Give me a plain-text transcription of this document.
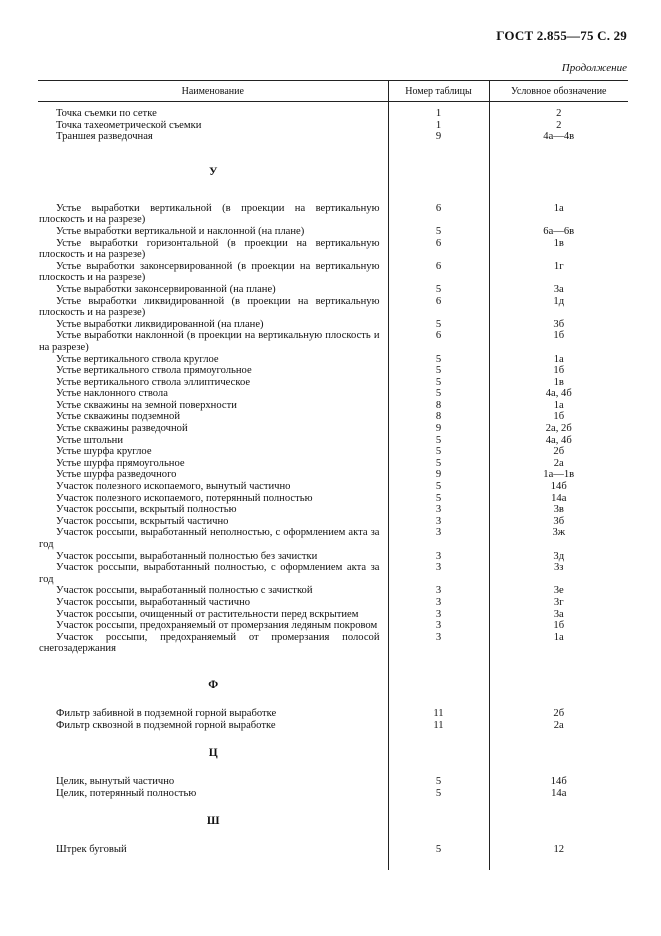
ГОСТ 2.855—75 С. 29
Продолжение
Наименование	Номер таблицы	Условное обозначение

Точка съемки по сетке	1	2

Точка тахеометрической съемки	1	2

Траншея разведочная	9	4а—4в
У		

Устье выработки вертикальной (в проекции на вертикальную плоскость и на разрезе)	6	1а

Устье выработки вертикальной и наклонной (на плане)	5	6а—6в

Устье выработки горизонтальной (в проекции на вертикальную плоскость и на разрезе)	6	1в

Устье выработки законсервированной (в проекции на вертикальную плоскость и на разрезе)	6	1г

Устье выработки законсервированной (на плане)	5	3а

Устье выработки ликвидированной (в проекции на вертикальную плоскость и на разрезе)	6	1д

Устье выработки ликвидированной (на плане)	5	3б

Устье выработки наклонной (в проекции на вертикальную плоскость и на разрезе)	6	1б

Устье вертикального ствола круглое	5	1а

Устье вертикального ствола прямоугольное	5	1б

Устье вертикального ствола эллиптическое	5	1в

Устье наклонного ствола	5	4а, 4б

Устье скважины на земной поверхности	8	1а

Устье скважины подземной	8	1б

Устье скважины разведочной	9	2а, 2б

Устье штольни	5	4а, 4б

Устье шурфа круглое	5	2б

Устье шурфа прямоугольное	5	2а

Устье шурфа разведочного	9	1а—1в

Участок полезного ископаемого, вынутый частично	5	14б

Участок полезного ископаемого, потерянный полностью	5	14а

Участок россыпи, вскрытый полностью	3	3в

Участок россыпи, вскрытый частично	3	3б

Участок россыпи, выработанный неполностью, с оформлением акта за год	3	3ж

Участок россыпи, выработанный полностью без зачистки	3	3д

Участок россыпи, выработанный полностью, с оформлением акта за год	3	3з

Участок россыпи, выработанный полностью с зачисткой	3	3е

Участок россыпи, выработанный частично	3	3г

Участок россыпи, очищенный от растительности перед вскрытием	3	3а

Участок россыпи, предохраняемый от промерзания ледяным покровом	3	1б

Участок россыпи, предохраняемый от промерзания полосой снегозадержания	3	1а

Ф		

Фильтр забивной в подземной горной выработке	11	2б

Фильтр сквозной в подземной горной выработке	11	2а
Ц		

Целик, вынутый частично	5	14б

Целик, потерянный полностью	5	14а
Ш		

Штрек буговый	5	12
